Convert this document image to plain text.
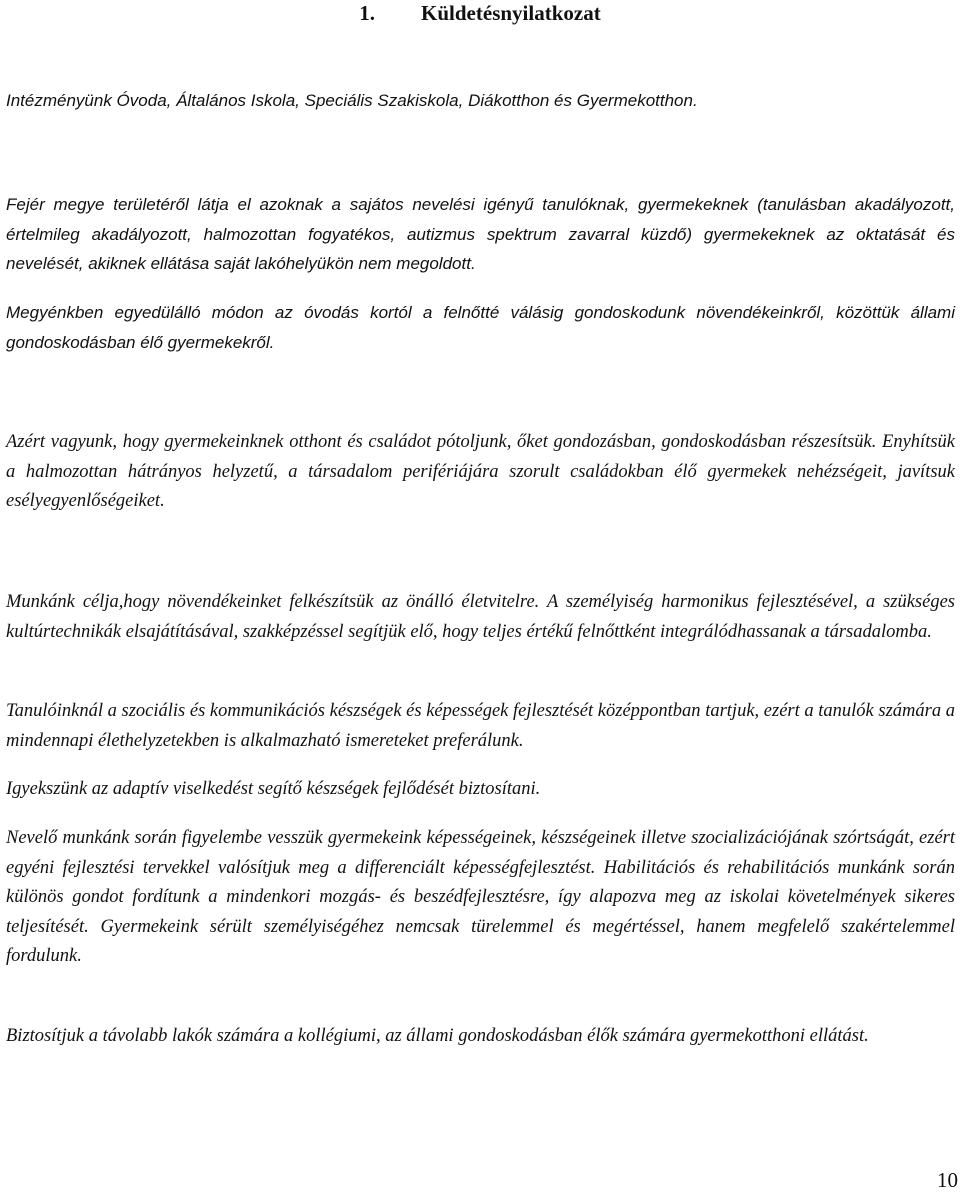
1. Küldetésnyilatkozat

Intézményünk Óvoda, Általános Iskola, Speciális Szakiskola, Diákotthon és Gyermekotthon.

Fejér megye területéről látja el azoknak a sajátos nevelési igényű tanulóknak, gyermekeknek (tanulásban akadályozott, értelmileg akadályozott, halmozottan fogyatékos, autizmus spektrum zavarral küzdő) gyermekeknek az oktatását és nevelését, akiknek ellátása saját lakóhelyükön nem megoldott.

Megyénkben egyedülálló módon az óvodás kortól a felnőtté válásig gondoskodunk növendékeinkről, közöttük állami gondoskodásban élő gyermekekről.

Azért vagyunk, hogy gyermekeinknek otthont és családot pótoljunk, őket gondozásban, gondoskodásban részesítsük. Enyhítsük a halmozottan hátrányos helyzetű, a társadalom perifériájára szorult családokban élő gyermekek nehézségeit, javítsuk esélyegyenlőségeiket.

Munkánk célja,hogy növendékeinket felkészítsük az önálló életvitelre. A személyiség harmonikus fejlesztésével, a szükséges kultúrtechnikák elsajátításával, szakképzéssel segítjük elő, hogy teljes értékű felnőttként integrálódhassanak a társadalomba.

Tanulóinknál a szociális és kommunikációs készségek és képességek fejlesztését középpontban tartjuk, ezért a tanulók számára a mindennapi élethelyzetekben is alkalmazható ismereteket preferálunk.

Igyekszünk az adaptív viselkedést segítő készségek fejlődését biztosítani.

Nevelő munkánk során figyelembe vesszük gyermekeink képességeinek, készségeinek illetve szocializációjának szórtságát, ezért egyéni fejlesztési tervekkel valósítjuk meg a differenciált képességfejlesztést. Habilitációs és rehabilitációs munkánk során különös gondot fordítunk a mindenkori mozgás- és beszédfejlesztésre, így alapozva meg az iskolai követelmények sikeres teljesítését. Gyermekeink sérült személyiségéhez nemcsak türelemmel és megértéssel, hanem megfelelő szakértelemmel fordulunk.

Biztosítjuk a távolabb lakók számára a kollégiumi, az állami gondoskodásban élők számára gyermekotthoni ellátást.

10
